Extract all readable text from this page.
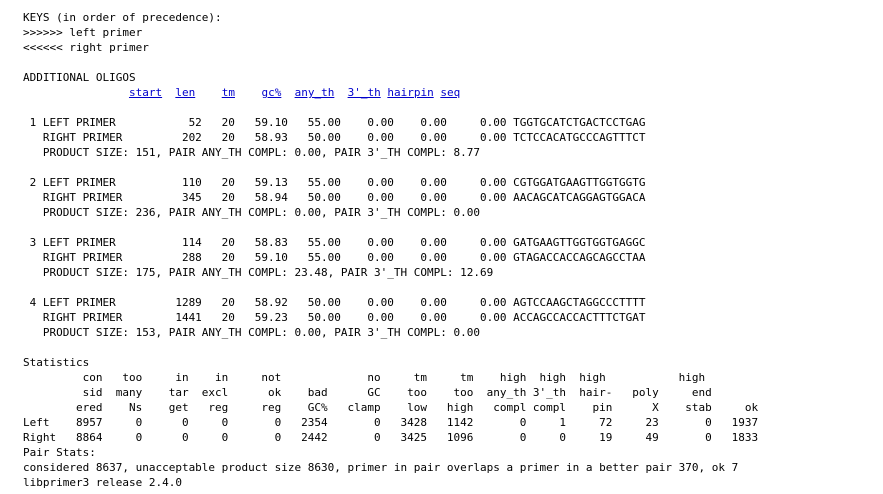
KEYS (in order of precedence):
>>>>>> left primer
<<<<<< right primer
ADDITIONAL OLIGOS
start len tm gc% any_th 3'_th hairpin seq
1 LEFT PRIMER           52   20   59.10   55.00    0.00    0.00     0.00 TGGTGCATCTGACTCCTGAG
RIGHT PRIMER         202   20   58.93   50.00    0.00    0.00     0.00 TCTCCACATGCCCAGTTTCT
PRODUCT SIZE: 151, PAIR ANY_TH COMPL: 0.00, PAIR 3'_TH COMPL: 8.77
2 LEFT PRIMER          110   20   59.13   55.00    0.00    0.00     0.00 CGTGGATGAAGTTGGTGGTG
RIGHT PRIMER         345   20   58.94   50.00    0.00    0.00     0.00 AACAGCATCAGGAGTGGACA
PRODUCT SIZE: 236, PAIR ANY_TH COMPL: 0.00, PAIR 3'_TH COMPL: 0.00
3 LEFT PRIMER          114   20   58.83   55.00    0.00    0.00     0.00 GATGAAGTTGGTGGTGAGGC
RIGHT PRIMER         288   20   59.10   55.00    0.00    0.00     0.00 GTAGACCACCAGCAGCCTAA
PRODUCT SIZE: 175, PAIR ANY_TH COMPL: 23.48, PAIR 3'_TH COMPL: 12.69
4 LEFT PRIMER         1289   20   58.92   50.00    0.00    0.00     0.00 AGTCCAAGCTAGGCCCTTTT
RIGHT PRIMER        1441   20   59.23   50.00    0.00    0.00     0.00 ACCAGCCACCACTTTCTGAT
PRODUCT SIZE: 153, PAIR ANY_TH COMPL: 0.00, PAIR 3'_TH COMPL: 0.00
Statistics
con   too     in    in     not             no     tm     tm    high  high  high           high
sid  many    tar  excl      ok    bad      GC    too    too  any_th 3'_th  hair-   poly     end
ered    Ns    get   reg     reg    GC%   clamp    low   high   compl compl    pin      X    stab     ok
Left    8957     0      0     0       0   2354       0   3428   1142       0     1     72     23       0   1937
Right   8864     0      0     0       0   2442       0   3425   1096       0     0     19     49       0   1833
Pair Stats:
considered 8637, unacceptable product size 8630, primer in pair overlaps a primer in a better pair 370, ok 7
libprimer3 release 2.4.0
